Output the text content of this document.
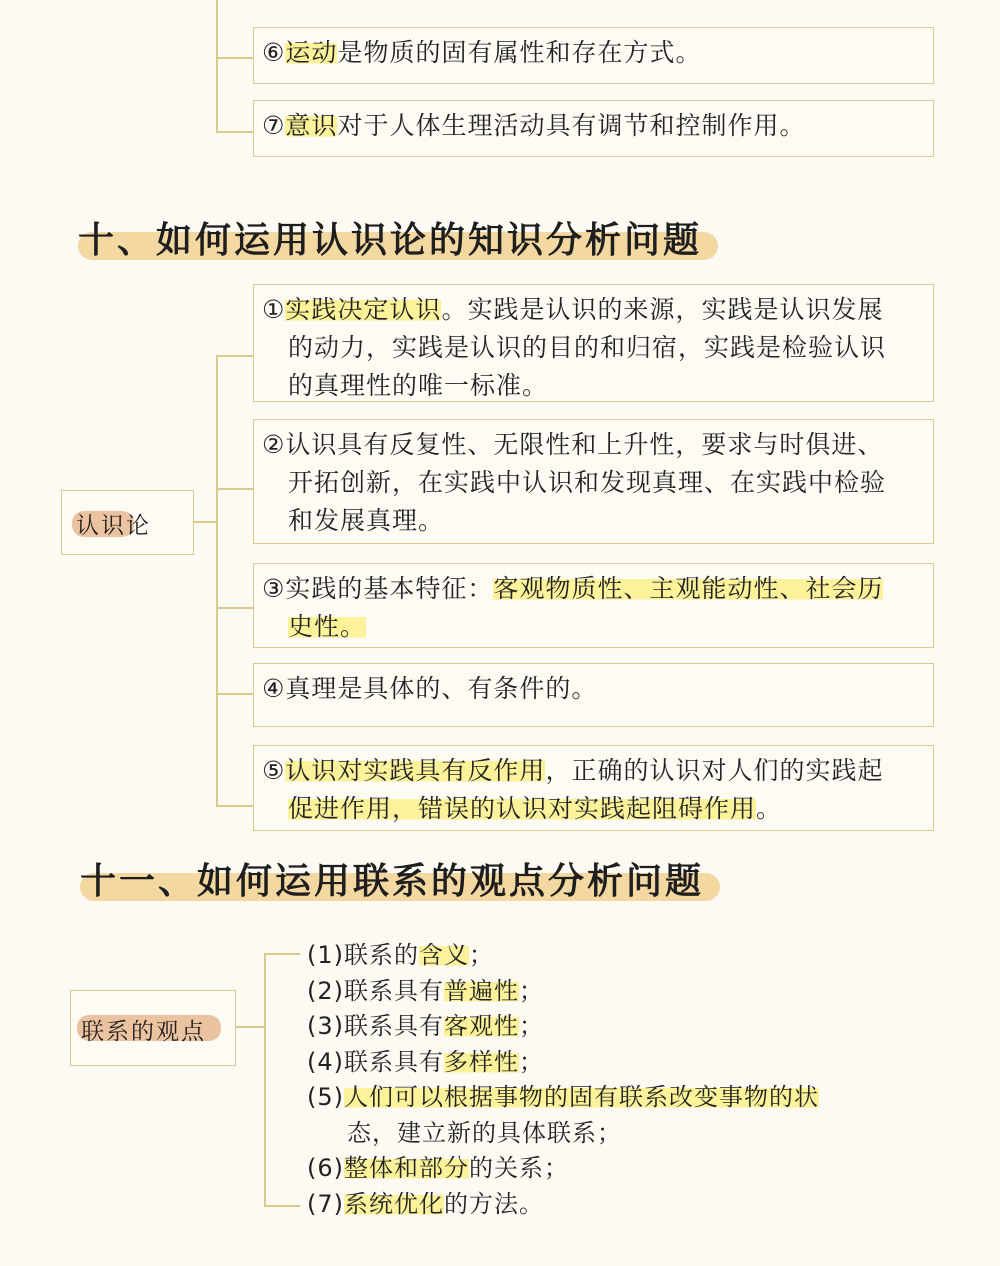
⑥运动是物质的固有属性和存在方式。
⑦意识对于人体生理活动具有调节和控制作用。
十、如何运用认识论的知识分析问题
认识论
①实践决定认识。实践是认识的来源，实践是认识发展
的动力，实践是认识的目的和归宿，实践是检验认识
的真理性的唯一标准。
②认识具有反复性、无限性和上升性，要求与时俱进、
开拓创新，在实践中认识和发现真理、在实践中检验
和发展真理。
③实践的基本特征：客观物质性、主观能动性、社会历
史性。
④真理是具体的、有条件的。
⑤认识对实践具有反作用，正确的认识对人们的实践起
促进作用，错误的认识对实践起阻碍作用。
十一、如何运用联系的观点分析问题
联系的观点
(1)联系的含义；
(2)联系具有普遍性；
(3)联系具有客观性；
(4)联系具有多样性；
(5)人们可以根据事物的固有联系改变事物的状
态，建立新的具体联系；
(6)整体和部分的关系；
(7)系统优化的方法。
